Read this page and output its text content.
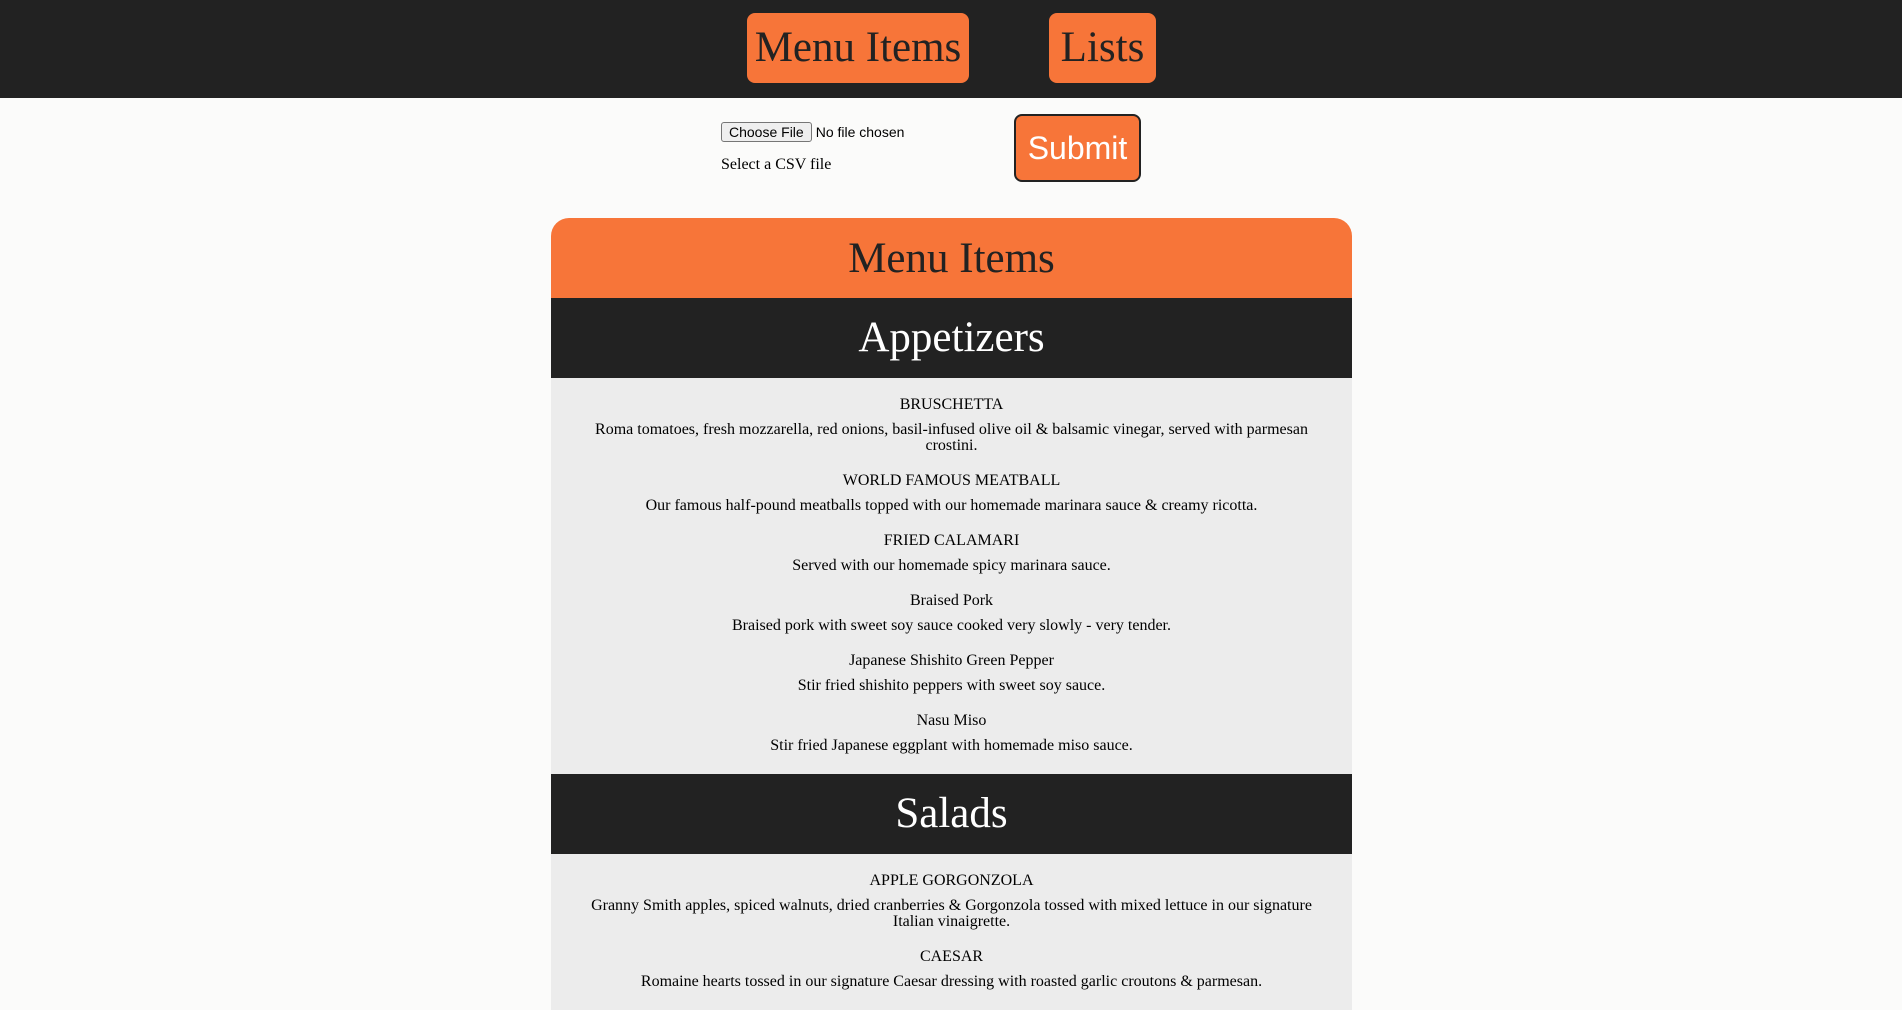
Menu Items Lists
Choose File No file chosen
Select a CSV file	Submit
Menu Items
Appetizers
BRUSCHETTA
Roma tomatoes, fresh mozzarella, red onions, basil-infused olive oil & balsamic vinegar, served with parmesan crostini.
WORLD FAMOUS MEATBALL
Our famous half-pound meatballs topped with our homemade marinara sauce & creamy ricotta.
FRIED CALAMARI
Served with our homemade spicy marinara sauce.
Braised Pork
Braised pork with sweet soy sauce cooked very slowly - very tender.
Japanese Shishito Green Pepper
Stir fried shishito peppers with sweet soy sauce.
Nasu Miso
Stir fried Japanese eggplant with homemade miso sauce.
Salads
APPLE GORGONZOLA
Granny Smith apples, spiced walnuts, dried cranberries & Gorgonzola tossed with mixed lettuce in our signature Italian vinaigrette.
CAESAR
Romaine hearts tossed in our signature Caesar dressing with roasted garlic croutons & parmesan.
